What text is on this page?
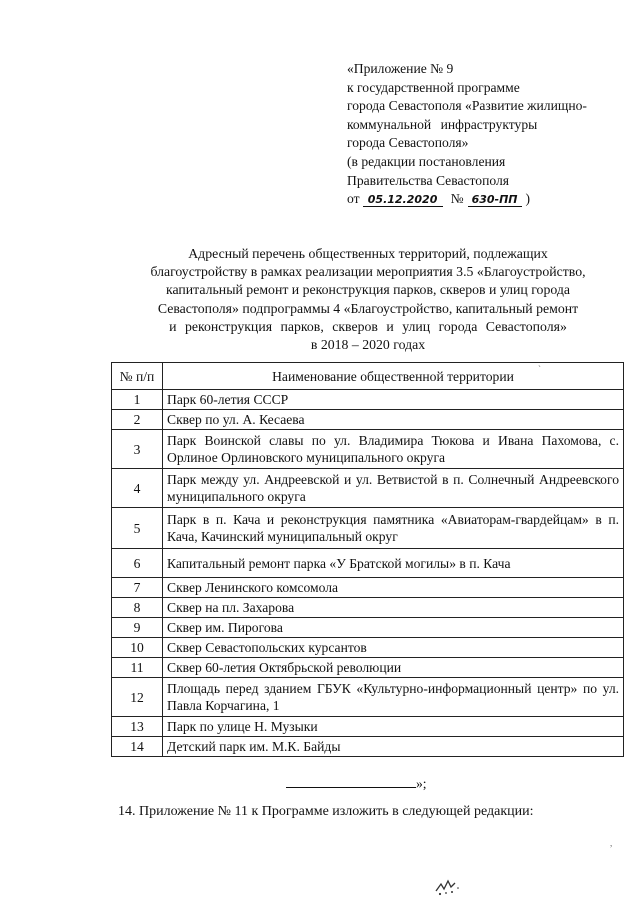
«Приложение № 9
к государственной программе
города Севастополя «Развитие жилищно-
коммунальной инфраструктуры
города Севастополя»
(в редакции постановления
Правительства Севастополя
от 05.12.2020 № 630-ПП )
Адресный перечень общественных территорий, подлежащих
благоустройству в рамках реализации мероприятия 3.5 «Благоустройство,
капитальный ремонт и реконструкция парков, скверов и улиц города
Севастополя» подпрограммы 4 «Благоустройство, капитальный ремонт
и реконструкция парков, скверов и улиц города Севастополя»
в 2018 – 2020 годах
`
№ п/п	Наименование общественной территории
1	Парк 60-летия СССР
2	Сквер по ул. А. Кесаева
3	Парк Воинской славы по ул. Владимира Тюкова и Ивана Пахомова, с. Орлиное Орлиновского муниципального округа
4	Парк между ул. Андреевской и ул. Ветвистой в п. Солнечный Андреевского муниципального округа
5	Парк в п. Кача и реконструкция памятника «Авиаторам-гвардейцам» в п. Кача, Качинский муниципальный округ
6	Капитальный ремонт парка «У Братской могилы» в п. Кача
7	Сквер Ленинского комсомола
8	Сквер на пл. Захарова
9	Сквер им. Пирогова
10	Сквер Севастопольских курсантов
11	Сквер 60-летия Октябрьской революции
12	Площадь перед зданием ГБУК «Культурно-информационный центр» по ул. Павла Корчагина, 1
13	Парк по улице Н. Музыки
14	Детский парк им. М.К. Байды
»;
14. Приложение № 11 к Программе изложить в следующей редакции:
,
